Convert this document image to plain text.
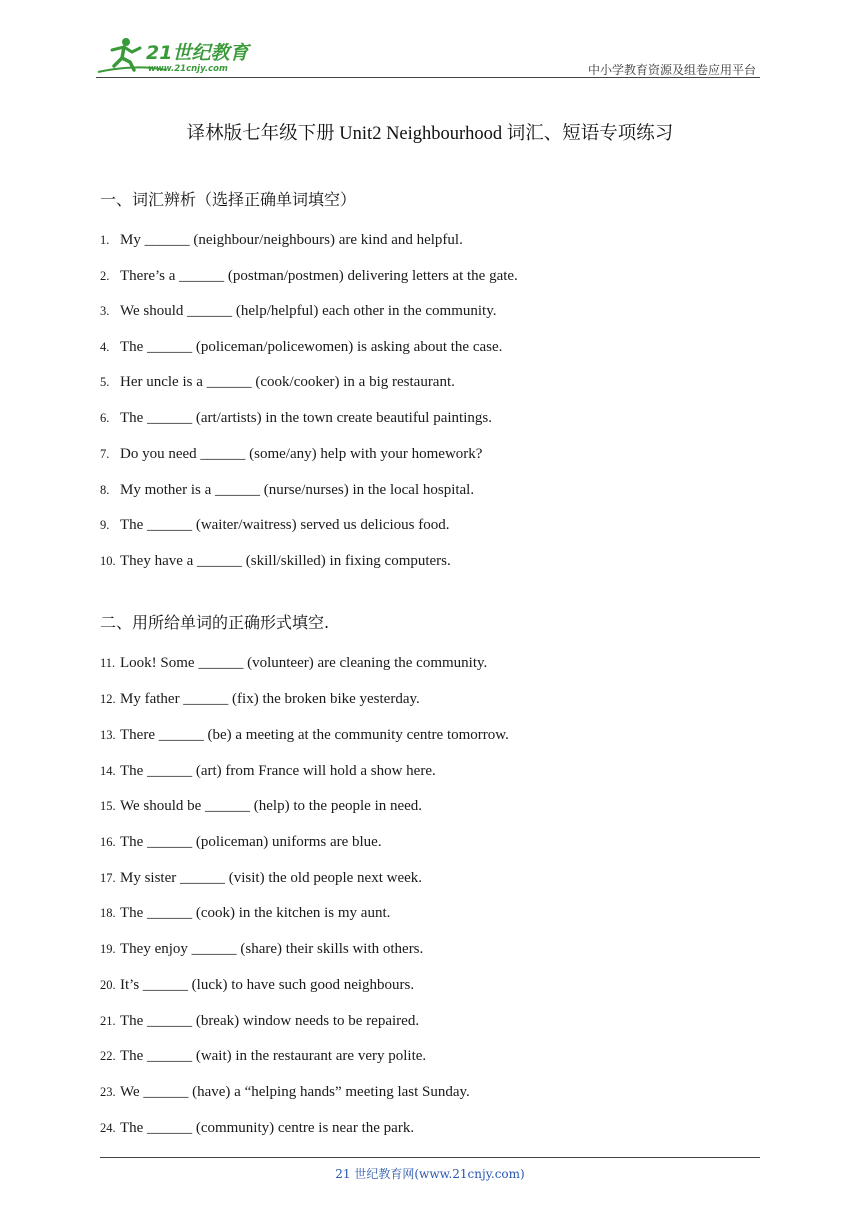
21世纪教育
www.21cnjy.com	中小学教育资源及组卷应用平台
译林版七年级下册 Unit2 Neighbourhood 词汇、短语专项练习
一、词汇辨析（选择正确单词填空）
1. My ______ (neighbour/neighbours) are kind and helpful.
2. There’s a ______ (postman/postmen) delivering letters at the gate.
3. We should ______ (help/helpful) each other in the community.
4. The ______ (policeman/policewomen) is asking about the case.
5. Her uncle is a ______ (cook/cooker) in a big restaurant.
6. The ______ (art/artists) in the town create beautiful paintings.
7. Do you need ______ (some/any) help with your homework?
8. My mother is a ______ (nurse/nurses) in the local hospital.
9. The ______ (waiter/waitress) served us delicious food.
10. They have a ______ (skill/skilled) in fixing computers.
二、用所给单词的正确形式填空.
11. Look! Some ______ (volunteer) are cleaning the community.
12. My father ______ (fix) the broken bike yesterday.
13. There ______ (be) a meeting at the community centre tomorrow.
14. The ______ (art) from France will hold a show here.
15. We should be ______ (help) to the people in need.
16. The ______ (policeman) uniforms are blue.
17. My sister ______ (visit) the old people next week.
18. The ______ (cook) in the kitchen is my aunt.
19. They enjoy ______ (share) their skills with others.
20. It’s ______ (luck) to have such good neighbours.
21. The ______ (break) window needs to be repaired.
22. The ______ (wait) in the restaurant are very polite.
23. We ______ (have) a “helping hands” meeting last Sunday.
24. The ______ (community) centre is near the park.
21 世纪教育网(www.21cnjy.com)
